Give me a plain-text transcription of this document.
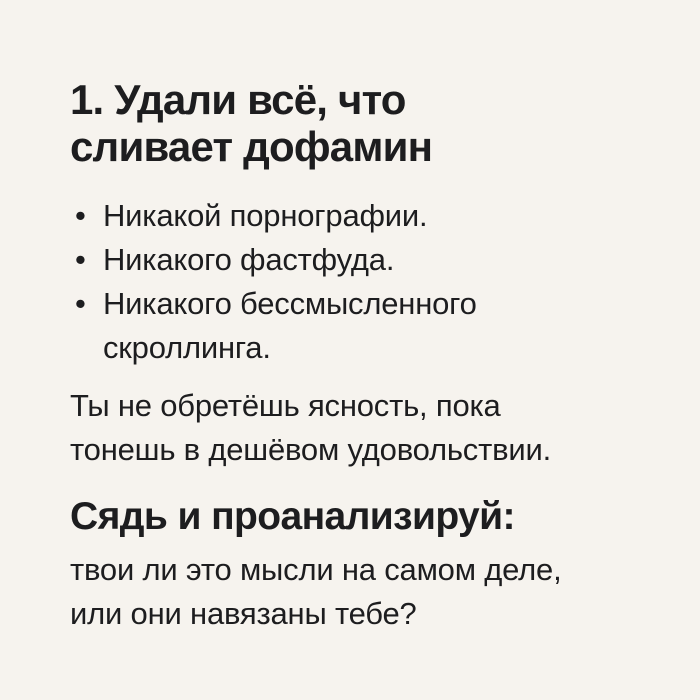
1. Удали всё, что
сливает дофамин
• Никакой порнографии.
• Никакого фастфуда.
• Никакого бессмысленного
скроллинга.

Ты не обретёшь ясность, пока
тонешь в дешёвом удовольствии.

Сядь и проанализируй:

твои ли это мысли на самом деле,
или они навязаны тебе?
